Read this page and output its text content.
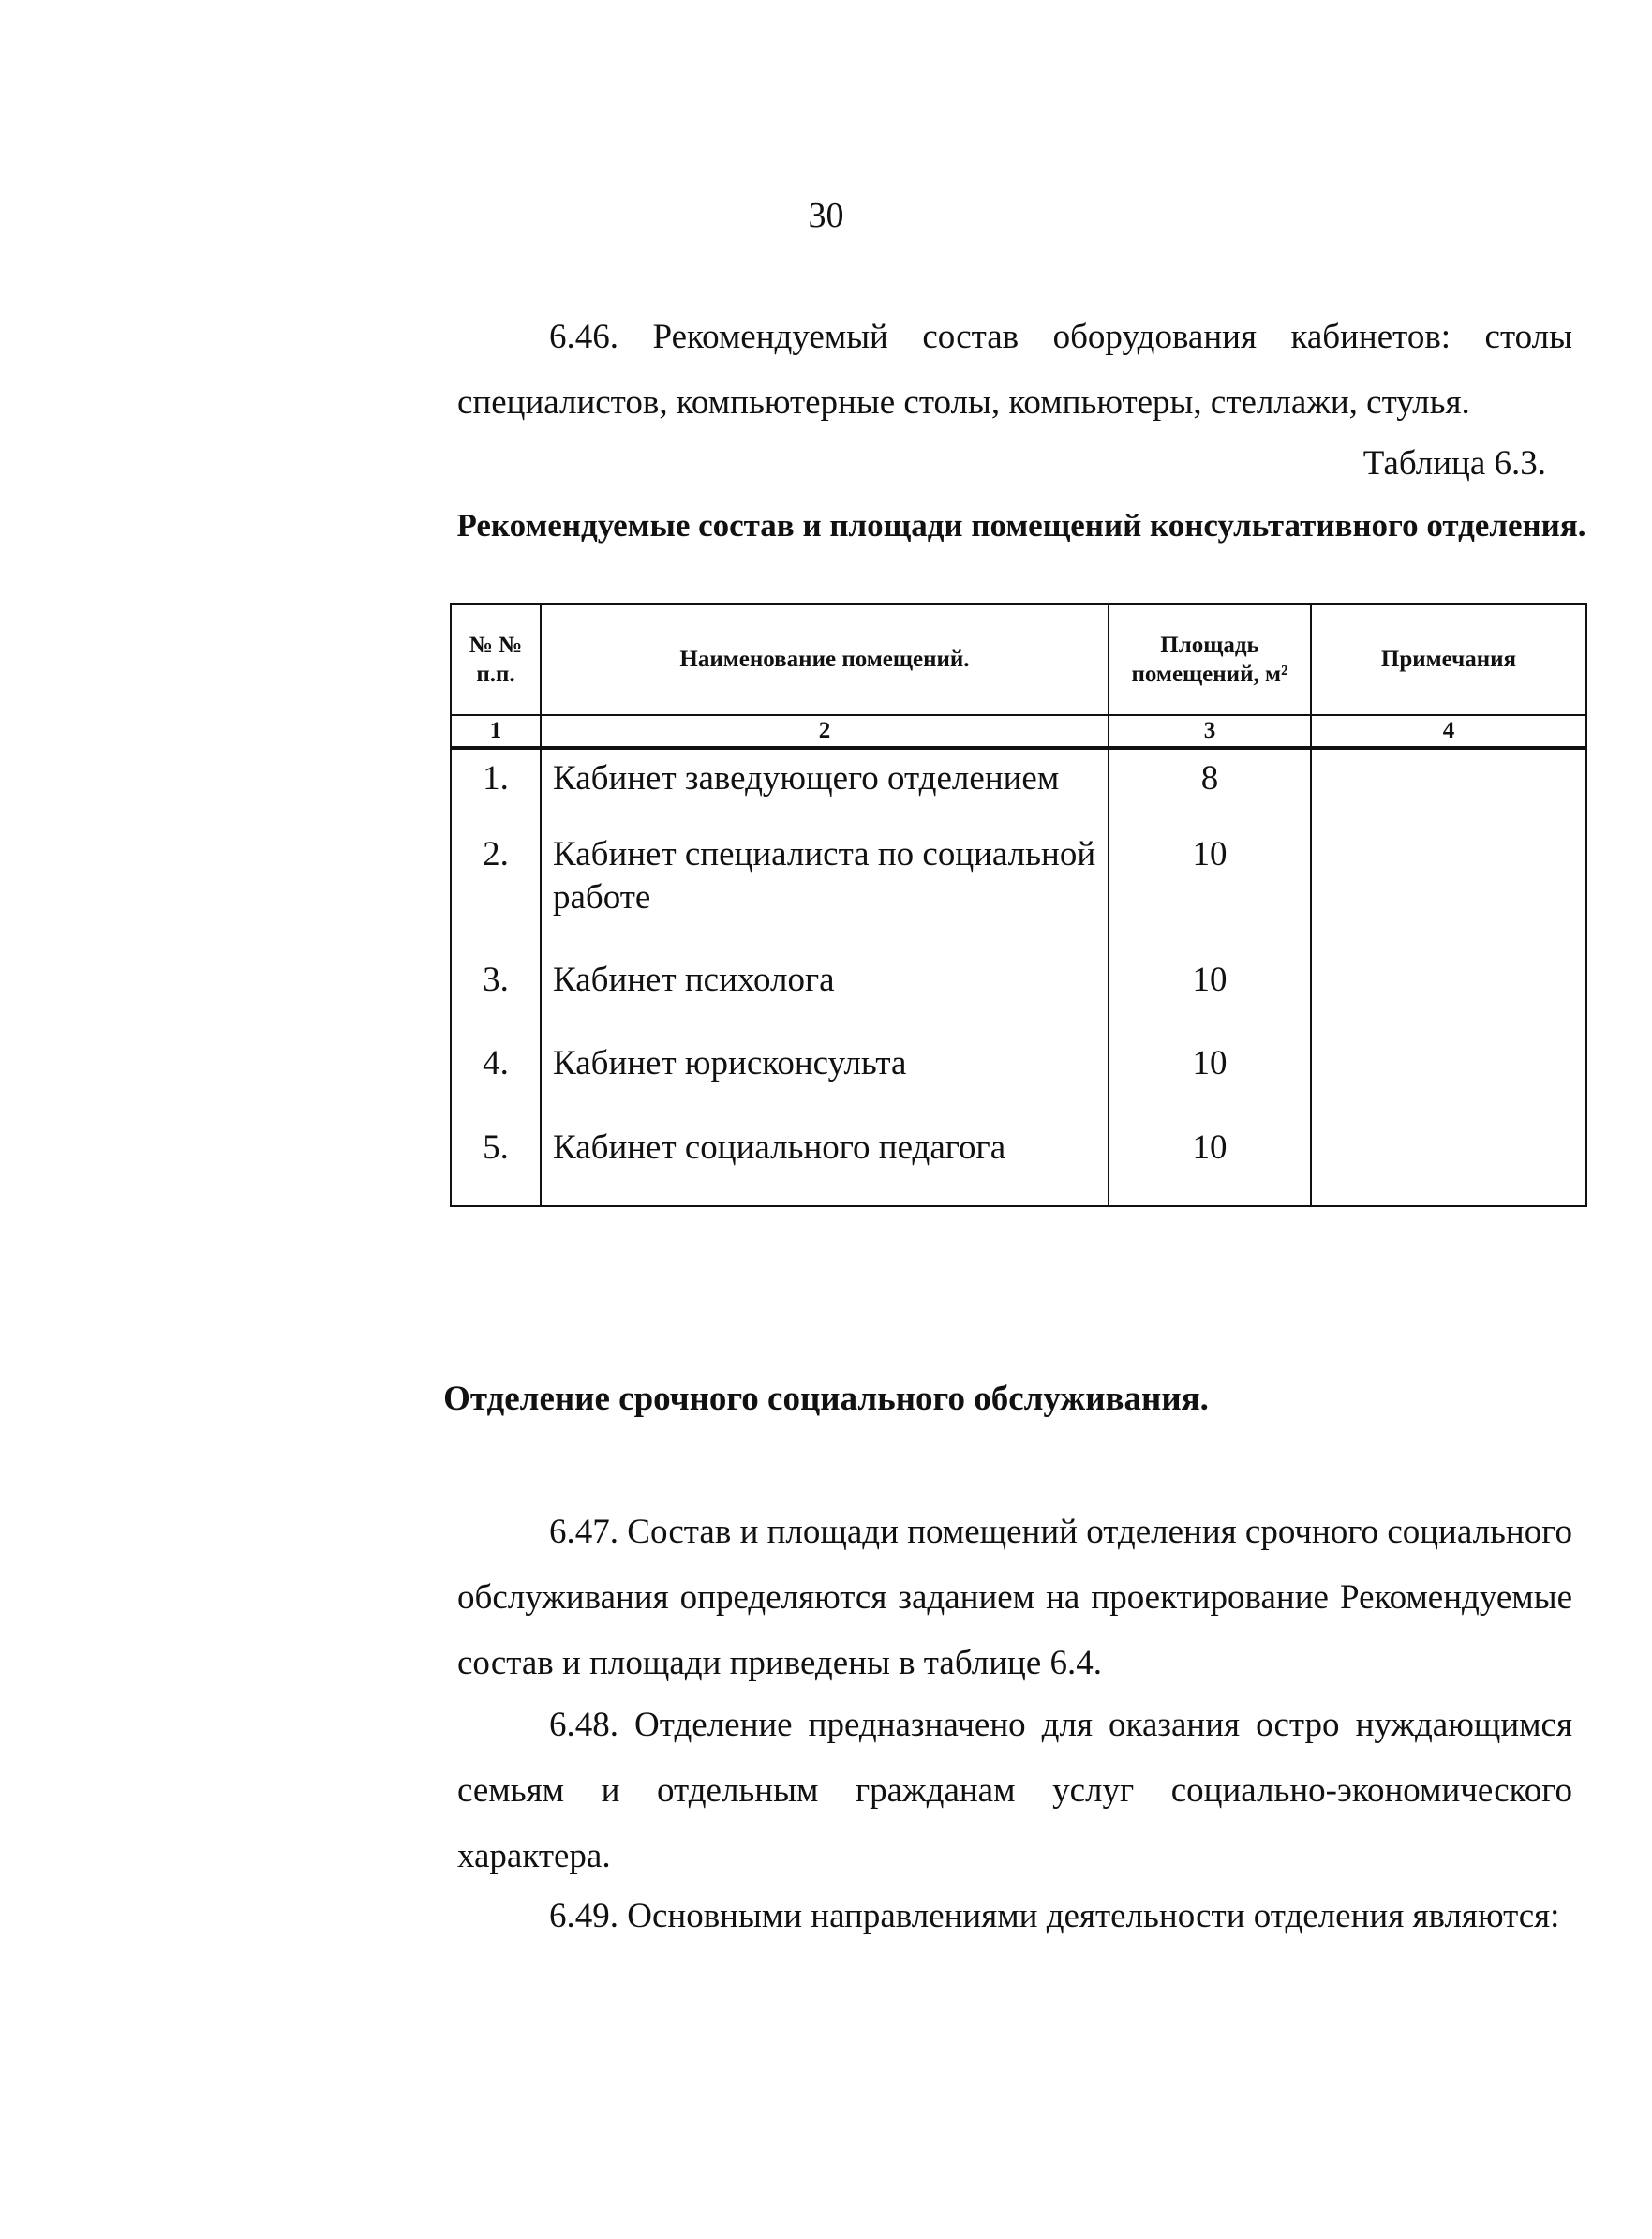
30

6.46. Рекомендуемый состав оборудования кабинетов: столы специалистов, компьютерные столы, компьютеры, стеллажи, стулья.

Таблица 6.3.
Рекомендуемые состав и площади помещений консультативного отделения.
№ № п.п.	Наименование помещений.	Площадь помещений, м²	Примечания
1	2	3	4
1.	Кабинет заведующего отделением	8	
2.	Кабинет специалиста по социальной работе	10	
3.	Кабинет психолога	10	
4.	Кабинет юрисконсульта	10	
5.	Кабинет социального педагога	10	
Отделение срочного социального обслуживания.

6.47. Состав и площади помещений отделения срочного социального обслуживания определяются заданием на проектирование Рекомендуемые состав и площади приведены в таблице 6.4.

6.48. Отделение предназначено для оказания остро нуждающимся семьям и отдельным гражданам услуг социально-экономического характера.

6.49. Основными направлениями деятельности отделения являются:
